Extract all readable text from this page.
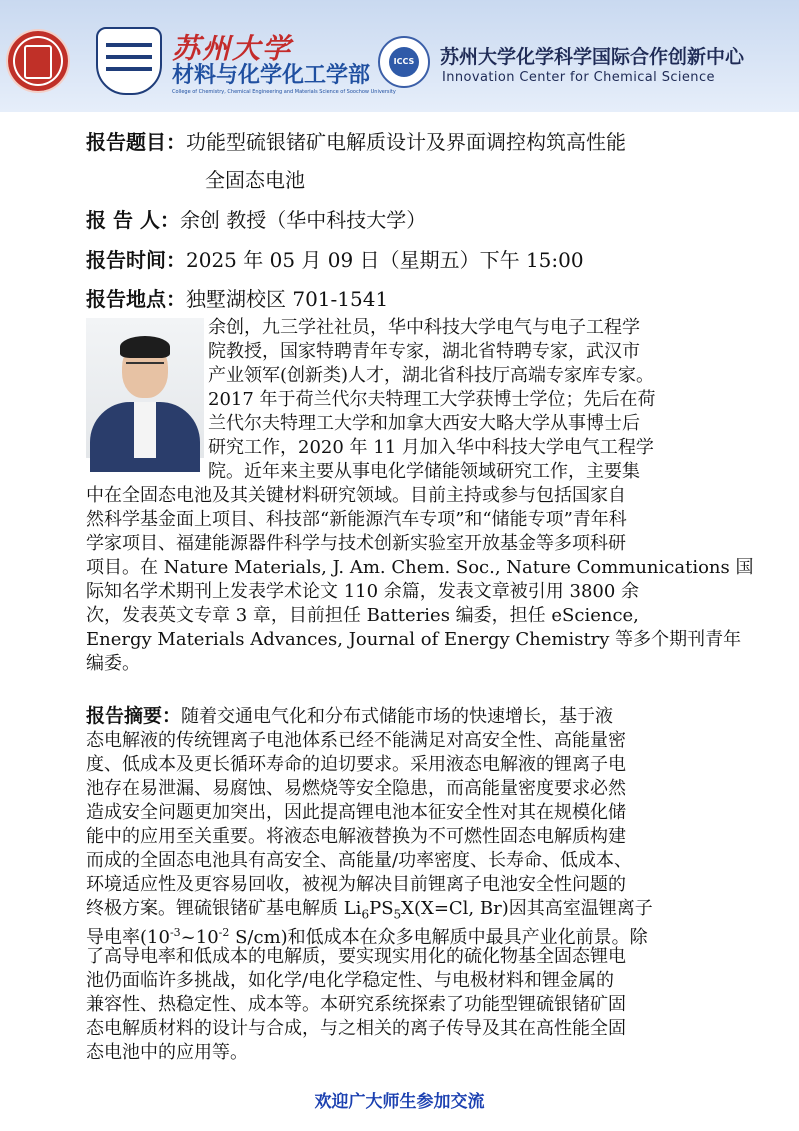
苏州大学
材料与化学化工学部
College of Chemistry, Chemical Engineering and Materials Science of Soochow University
ICCS 苏州大学化学科学国际合作创新中心
Innovation Center for Chemical Science
报告题目：功能型硫银锗矿电解质设计及界面调控构筑高性能
全固态电池
报 告 人：余创 教授（华中科技大学）
报告时间：2025 年 05 月 09 日（星期五）下午 15:00
报告地点：独墅湖校区 701-1541
余创，九三学社社员，华中科技大学电气与电子工程学
院教授，国家特聘青年专家，湖北省特聘专家，武汉市
产业领军(创新类)人才，湖北省科技厅高端专家库专家。
2017 年于荷兰代尔夫特理工大学获博士学位；先后在荷
兰代尔夫特理工大学和加拿大西安大略大学从事博士后
研究工作，2020 年 11 月加入华中科技大学电气工程学
院。近年来主要从事电化学储能领域研究工作，主要集
中在全固态电池及其关键材料研究领域。目前主持或参与包括国家自
然科学基金面上项目、科技部“新能源汽车专项”和“储能专项”青年科
学家项目、福建能源器件科学与技术创新实验室开放基金等多项科研
项目。在 Nature Materials, J. Am. Chem. Soc., Nature Communications 国
际知名学术期刊上发表学术论文 110 余篇，发表文章被引用 3800 余
次，发表英文专章 3 章，目前担任 Batteries 编委，担任 eScience,
Energy Materials Advances, Journal of Energy Chemistry 等多个期刊青年
编委。
报告摘要：随着交通电气化和分布式储能市场的快速增长，基于液
态电解液的传统锂离子电池体系已经不能满足对高安全性、高能量密
度、低成本及更长循环寿命的迫切要求。采用液态电解液的锂离子电
池存在易泄漏、易腐蚀、易燃烧等安全隐患，而高能量密度要求必然
造成安全问题更加突出，因此提高锂电池本征安全性对其在规模化储
能中的应用至关重要。将液态电解液替换为不可燃性固态电解质构建
而成的全固态电池具有高安全、高能量/功率密度、长寿命、低成本、
环境适应性及更容易回收，被视为解决目前锂离子电池安全性问题的
终极方案。锂硫银锗矿基电解质 $Li_6PS_5X(X=Cl$, Br)因其高室温锂离子
导电率($10^{-3}\sim 10^{-2}$ S/cm)和低成本在众多电解质中最具产业化前景。除
了高导电率和低成本的电解质，要实现实用化的硫化物基全固态锂电
池仍面临许多挑战，如化学/电化学稳定性、与电极材料和锂金属的
兼容性、热稳定性、成本等。本研究系统探索了功能型锂硫银锗矿固
态电解质材料的设计与合成，与之相关的离子传导及其在高性能全固
态电池中的应用等。
欢迎广大师生参加交流
